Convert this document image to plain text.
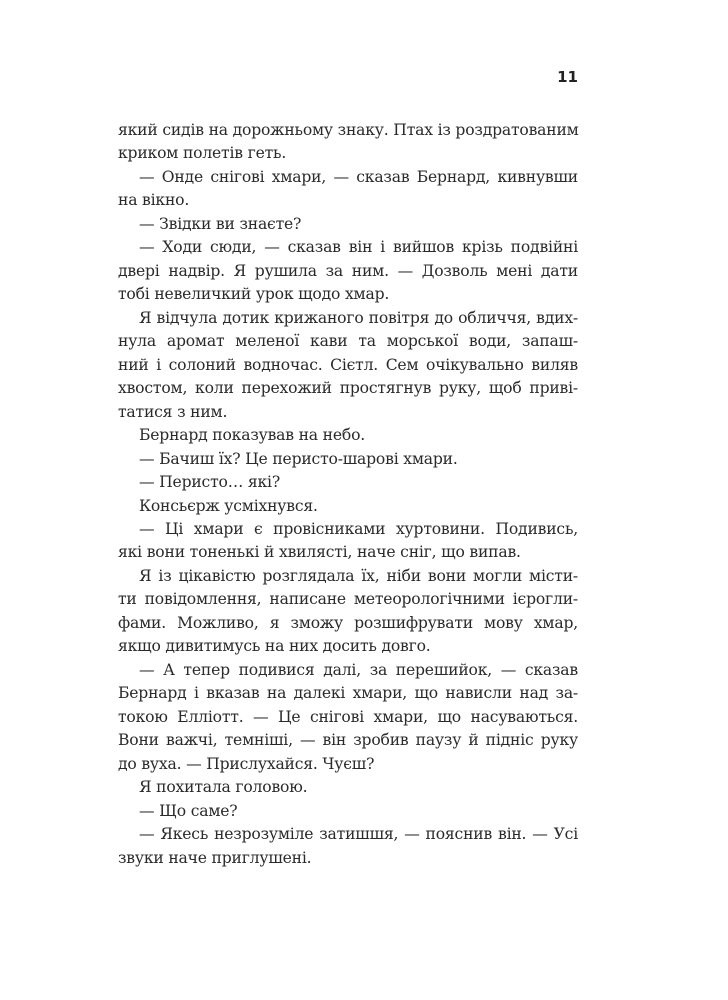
11
який сидів на дорожньому знаку. Птах із роздратованим
криком полетів геть.
— Онде снігові хмари, — сказав Бернард, кивнувши
на вікно.
— Звідки ви знаєте?
— Ходи сюди, — сказав він і вийшов крізь подвійні
двері надвір. Я рушила за ним. — Дозволь мені дати
тобі невеличкий урок щодо хмар.
Я відчула дотик крижаного повітря до обличчя, вдих-
нула аромат меленої кави та морської води, запаш-
ний і солоний водночас. Сієтл. Сем очікувально виляв
хвостом, коли перехожий простягнув руку, щоб приві-
татися з ним.
Бернард показував на небо.
— Бачиш їх? Це перисто-шарові хмари.
— Перисто… які?
Консьєрж усміхнувся.
— Ці хмари є провісниками хуртовини. Подивись,
які вони тоненькі й хвилясті, наче сніг, що випав.
Я із цікавістю розглядала їх, ніби вони могли місти-
ти повідомлення, написане метеорологічними ієрогли-
фами. Можливо, я зможу розшифрувати мову хмар,
якщо дивитимусь на них досить довго.
— А тепер подивися далі, за перешийок, — сказав
Бернард і вказав на далекі хмари, що нависли над за-
токою Еллiотт. — Це снігові хмари, що насуваються.
Вони важчі, темніші, — він зробив паузу й підніс руку
до вуха. — Прислухайся. Чуєш?
Я похитала головою.
— Що саме?
— Якесь незрозуміле затишшя, — пояснив він. — Усі
звуки наче приглушені.
